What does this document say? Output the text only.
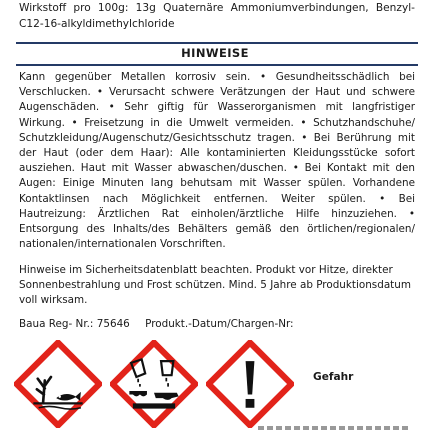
Wirkstoff pro 100g: 13g Quaternäre Ammoniumverbindungen, Benzyl-C12-16-alkyldimethylchloride
HINWEISE
Kann gegenüber Metallen korrosiv sein. • Gesundheitsschädlich bei Verschlucken. • Verursacht schwere Verätzungen der Haut und schwere Augenschäden. • Sehr giftig für Wasserorganismen mit langfristiger Wirkung. • Freisetzung in die Umwelt vermeiden. • Schutzhandschuhe/ Schutzkleidung/Augenschutz/Gesichtsschutz tragen. • Bei Berührung mit der Haut (oder dem Haar): Alle kontaminierten Kleidungsstücke sofort ausziehen. Haut mit Wasser abwaschen/duschen. • Bei Kontakt mit den Augen: Einige Minuten lang behutsam mit Wasser spülen. Vorhandene Kontaktlinsen nach Möglichkeit entfernen. Weiter spülen. • Bei Hautreizung: Ärztlichen Rat einholen/ärztliche Hilfe hinzuziehen. • Entsorgung des Inhalts/des Behälters gemäß den örtlichen/regionalen/ nationalen/internationalen Vorschriften.
Hinweise im Sicherheitsdatenblatt beachten. Produkt vor Hitze, direkter Sonnenbestrahlung und Frost schützen. Mind. 5 Jahre ab Produktionsdatum voll wirksam.
Baua Reg- Nr.: 75646 Produkt.-Datum/Chargen-Nr:
Gefahr
